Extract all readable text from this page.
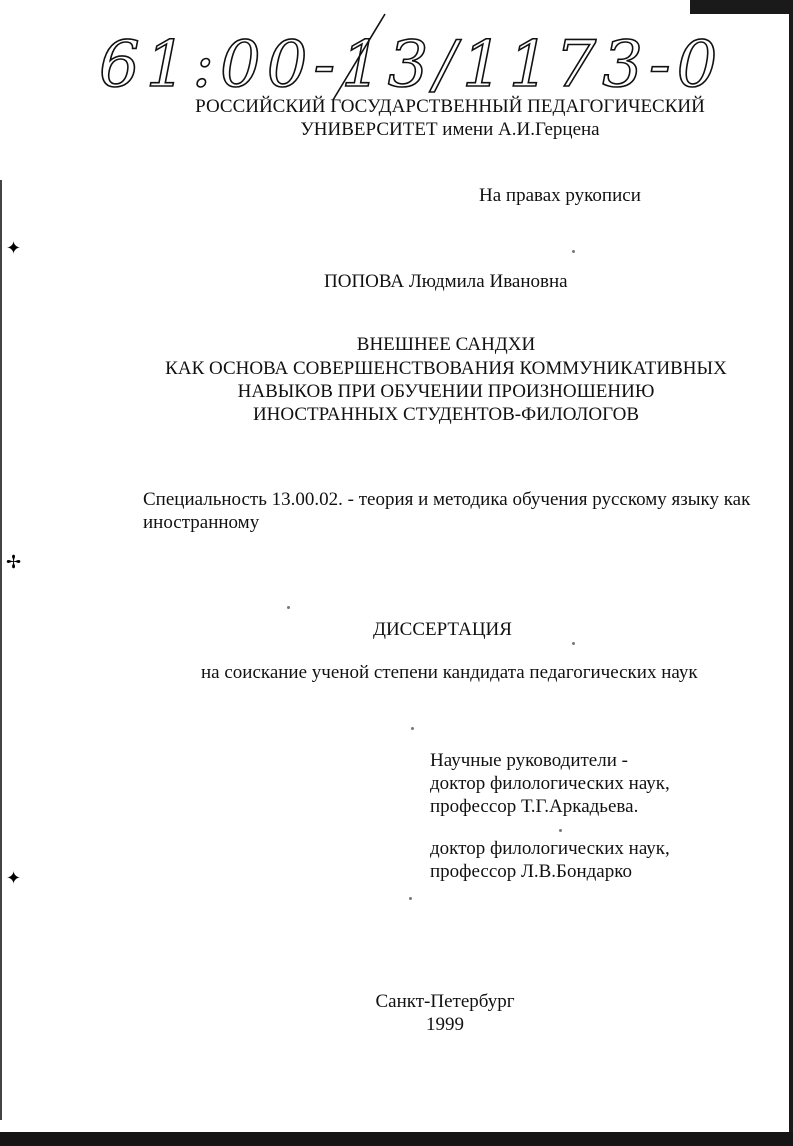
✦
✢
✦
61:00-13/1173-0
РОССИЙСКИЙ ГОСУДАРСТВЕННЫЙ ПЕДАГОГИЧЕСКИЙ
УНИВЕРСИТЕТ имени А.И.Герцена
На правах рукописи
ПОПОВА Людмила Ивановна
ВНЕШНЕЕ САНДХИ
КАК ОСНОВА СОВЕРШЕНСТВОВАНИЯ КОММУНИКАТИВНЫХ
НАВЫКОВ ПРИ ОБУЧЕНИИ ПРОИЗНОШЕНИЮ
ИНОСТРАННЫХ СТУДЕНТОВ-ФИЛОЛОГОВ
Специальность 13.00.02. - теория и методика обучения русскому языку как
иностранному
ДИССЕРТАЦИЯ
на соискание ученой степени кандидата педагогических наук
Научные руководители -
доктор филологических наук,
профессор Т.Г.Аркадьева.
доктор филологических наук,
профессор Л.В.Бондарко
Санкт-Петербург
1999
